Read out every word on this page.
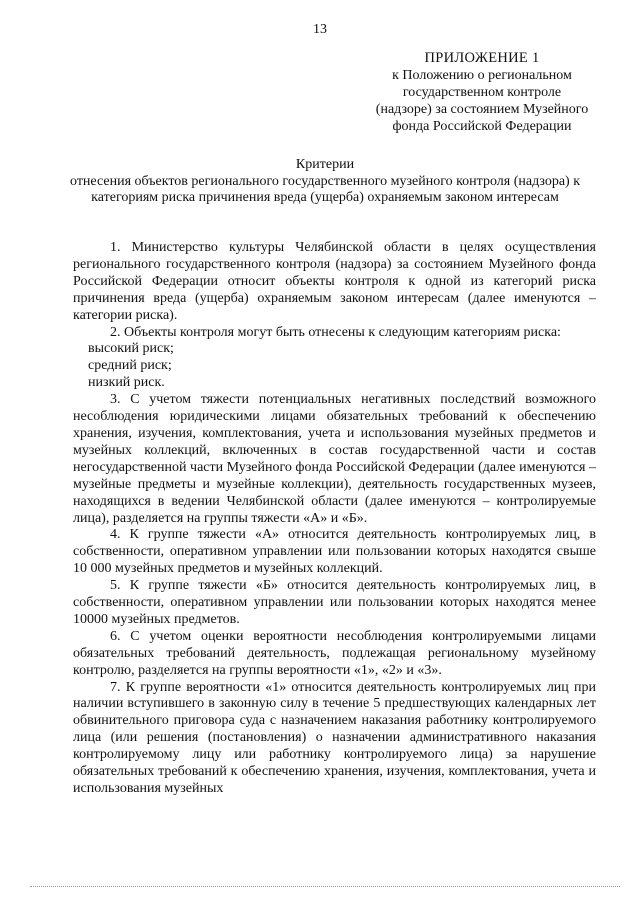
13
ПРИЛОЖЕНИЕ 1
к Положению о региональном
государственном контроле
(надзоре) за состоянием Музейного
фонда Российской Федерации
Критерии
отнесения объектов регионального государственного музейного контроля (надзора) к категориям риска причинения вреда (ущерба) охраняемым законом интересам

1. Министерство культуры Челябинской области в целях осуществления регионального государственного контроля (надзора) за состоянием Музейного фонда Российской Федерации относит объекты контроля к одной из категорий риска причинения вреда (ущерба) охраняемым законом интересам (далее именуются – категории риска).

2. Объекты контроля могут быть отнесены к следующим категориям риска:

высокий риск;

средний риск;

низкий риск.

3. С учетом тяжести потенциальных негативных последствий возможного несоблюдения юридическими лицами обязательных требований к обеспечению хранения, изучения, комплектования, учета и использования музейных предметов и музейных коллекций, включенных в состав государственной части и состав негосударственной части Музейного фонда Российской Федерации (далее именуются – музейные предметы и музейные коллекции), деятельность государственных музеев, находящихся в ведении Челябинской области (далее именуются – контролируемые лица), разделяется на группы тяжести «А» и «Б».

4. К группе тяжести «А» относится деятельность контролируемых лиц, в собственности, оперативном управлении или пользовании которых находятся свыше 10 000 музейных предметов и музейных коллекций.

5. К группе тяжести «Б» относится деятельность контролируемых лиц, в собственности, оперативном управлении или пользовании которых находятся менее 10000 музейных предметов.

6. С учетом оценки вероятности несоблюдения контролируемыми лицами обязательных требований деятельность, подлежащая региональному музейному контролю, разделяется на группы вероятности «1», «2» и «3».

7. К группе вероятности «1» относится деятельность контролируемых лиц при наличии вступившего в законную силу в течение 5 предшествующих календарных лет обвинительного приговора суда с назначением наказания работнику контролируемого лица (или решения (постановления) о назначении административного наказания контролируемому лицу или работнику контролируемого лица) за нарушение обязательных требований к обеспечению хранения, изучения, комплектования, учета и использования музейных
